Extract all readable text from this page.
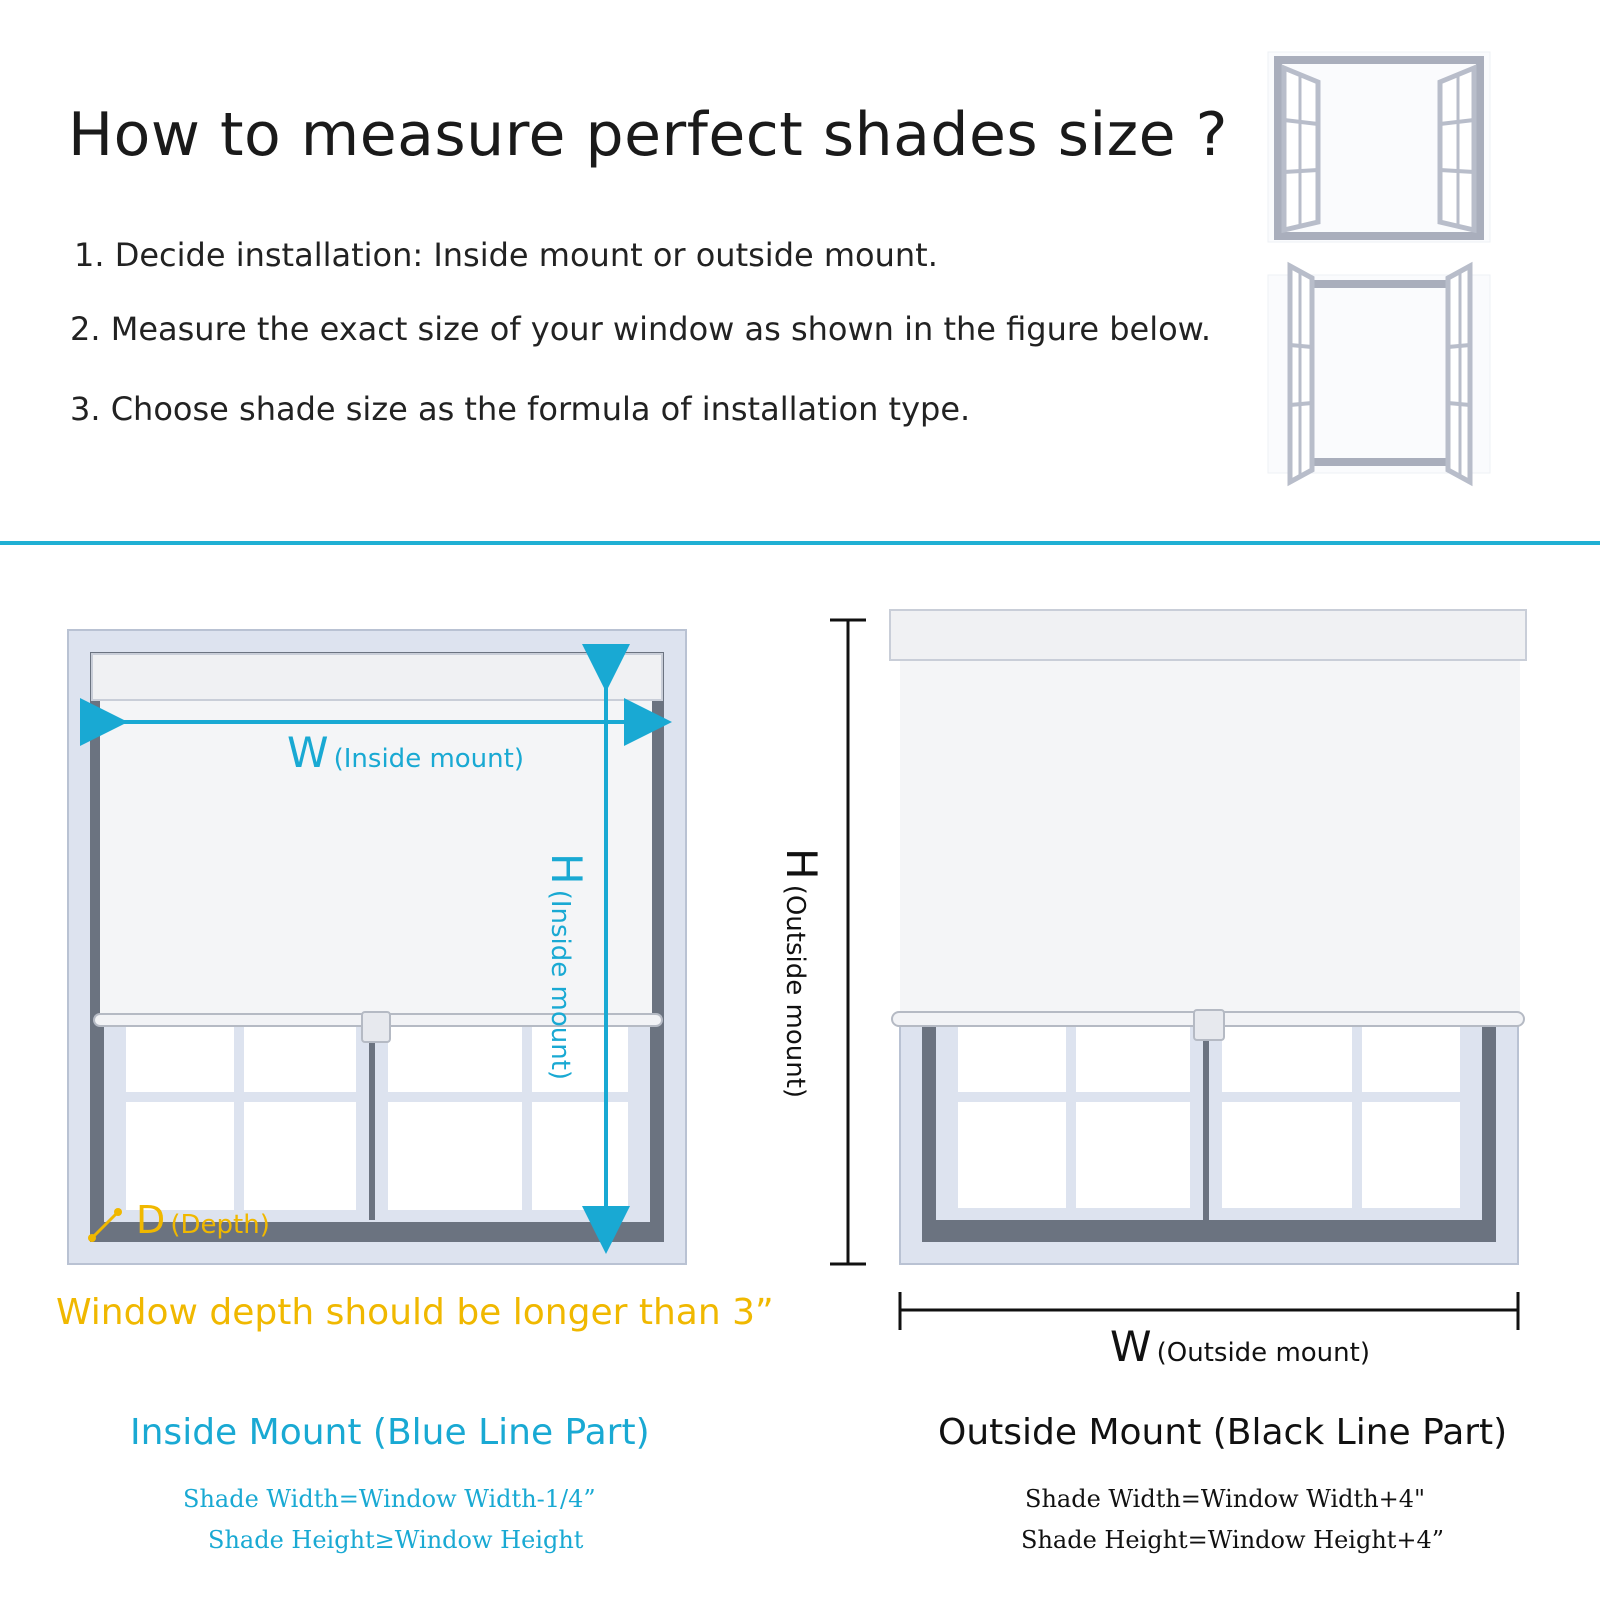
How to measure perfect shades size ?
1. Decide installation: Inside mount or outside mount.
2. Measure the exact size of your window as shown in the figure below.
3. Choose shade size as the formula of installation type.
W (Inside mount)
H (Inside mount)
D (Depth)
Window depth should be longer than 3”
H (Outside mount)
W (Outside mount)
Inside Mount (Blue Line Part)	Outside Mount (Black Line Part)
Shade Width=Window Width-1/4”
Shade Height≥Window Height
Shade Width=Window Width+4"
Shade Height=Window Height+4”
